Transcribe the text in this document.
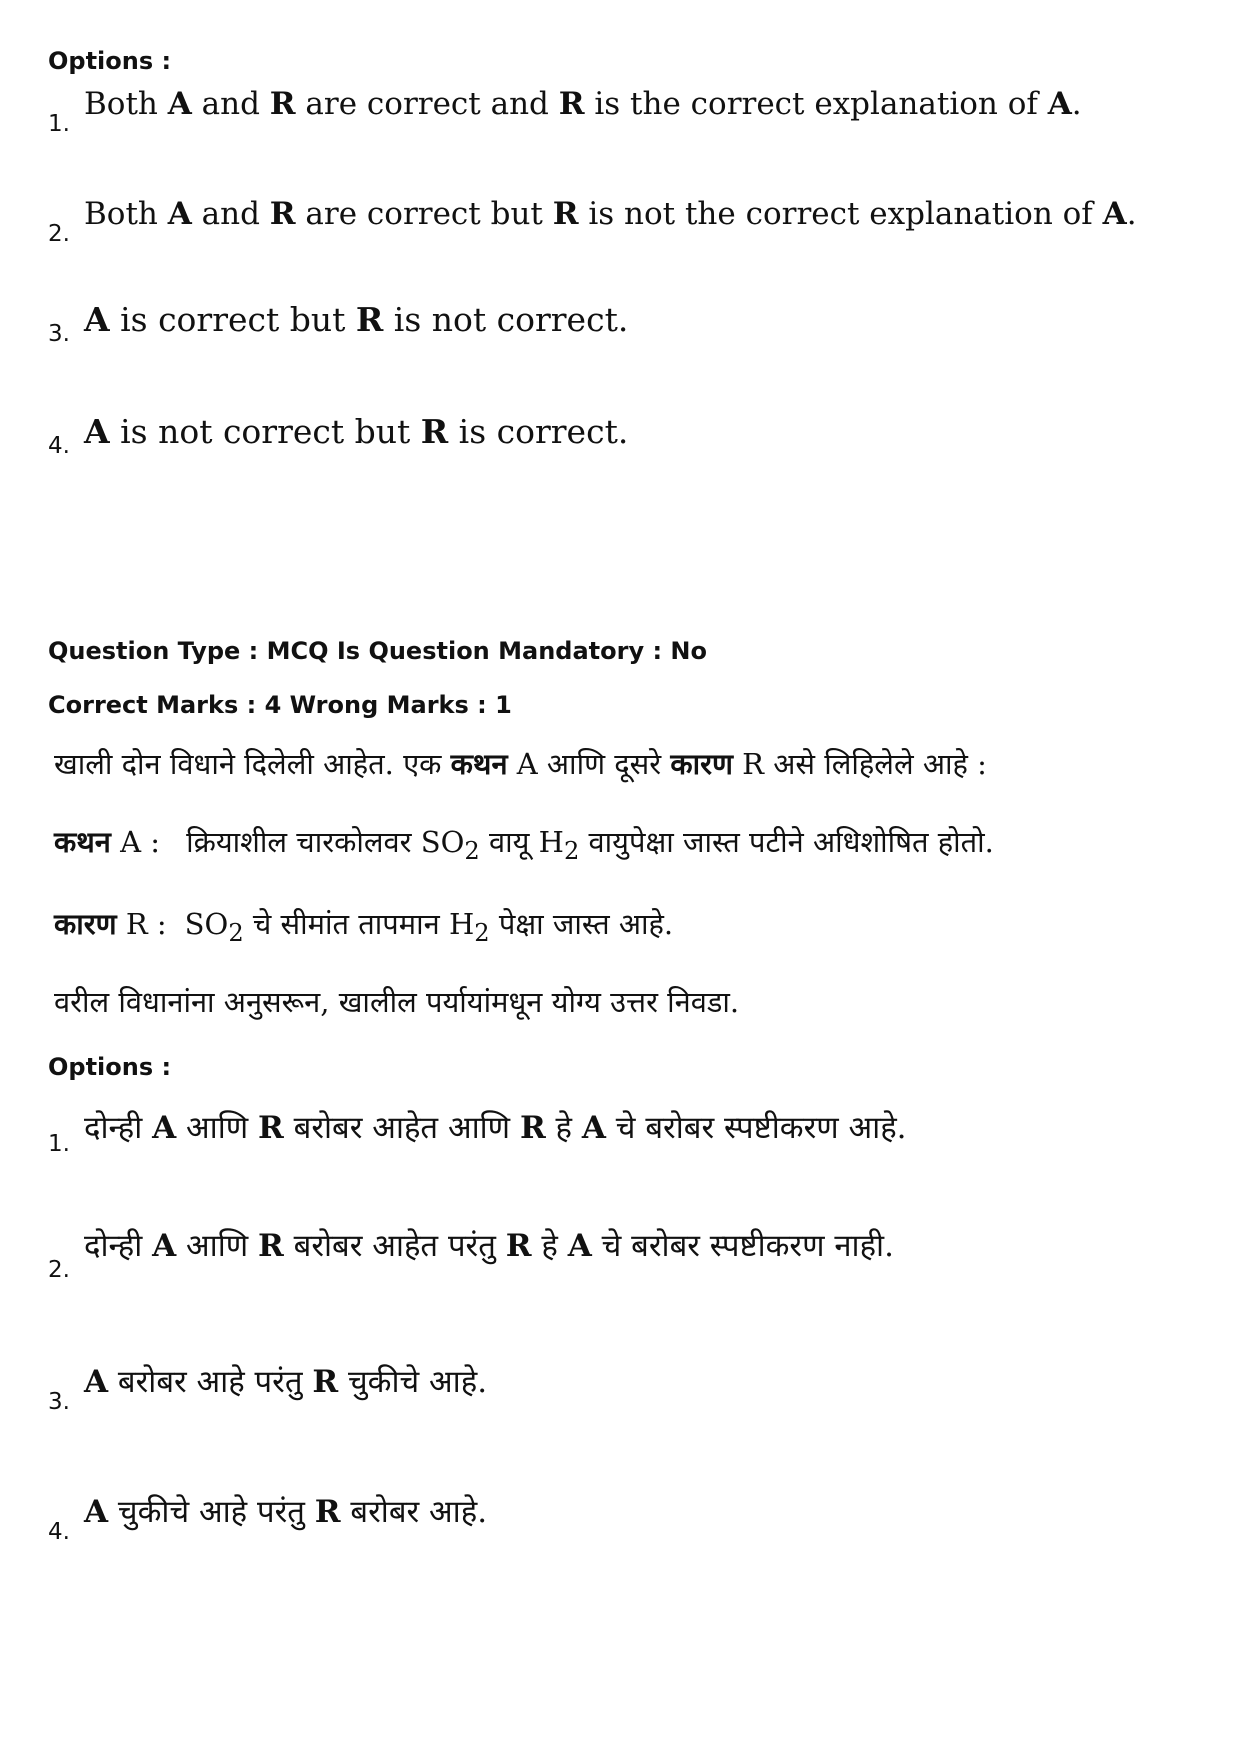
Options :
1.
Both A and R are correct and R is the correct explanation of A.
2.
Both A and R are correct but R is not the correct explanation of A.
3. A is correct but R is not correct.
4. A is not correct but R is correct.
Question Type : MCQ Is Question Mandatory : No
Correct Marks : 4 Wrong Marks : 1
खाली दोन विधाने दिलेली आहेत. एक कथन A आणि दूसरे कारण R असे लिहिलेले आहे :
कथन A : क्रियाशील चारकोलवर $SO_2$ वायू $H_2$ वायुपेक्षा जास्त पटीने अधिशोषित होतो.
कारण R : $SO_2$ चे सीमांत तापमान $H_2$ पेक्षा जास्त आहे.
वरील विधानांना अनुसरून, खालील पर्यायांमधून योग्य उत्तर निवडा.
Options :
1. दोन्ही A आणि R बरोबर आहेत आणि R हे A चे बरोबर स्पष्टीकरण आहे.
2.
दोन्ही A आणि R बरोबर आहेत परंतु R हे A चे बरोबर स्पष्टीकरण नाही.
3.
A बरोबर आहे परंतु R चुकीचे आहे.
4.
A चुकीचे आहे परंतु R बरोबर आहे.
